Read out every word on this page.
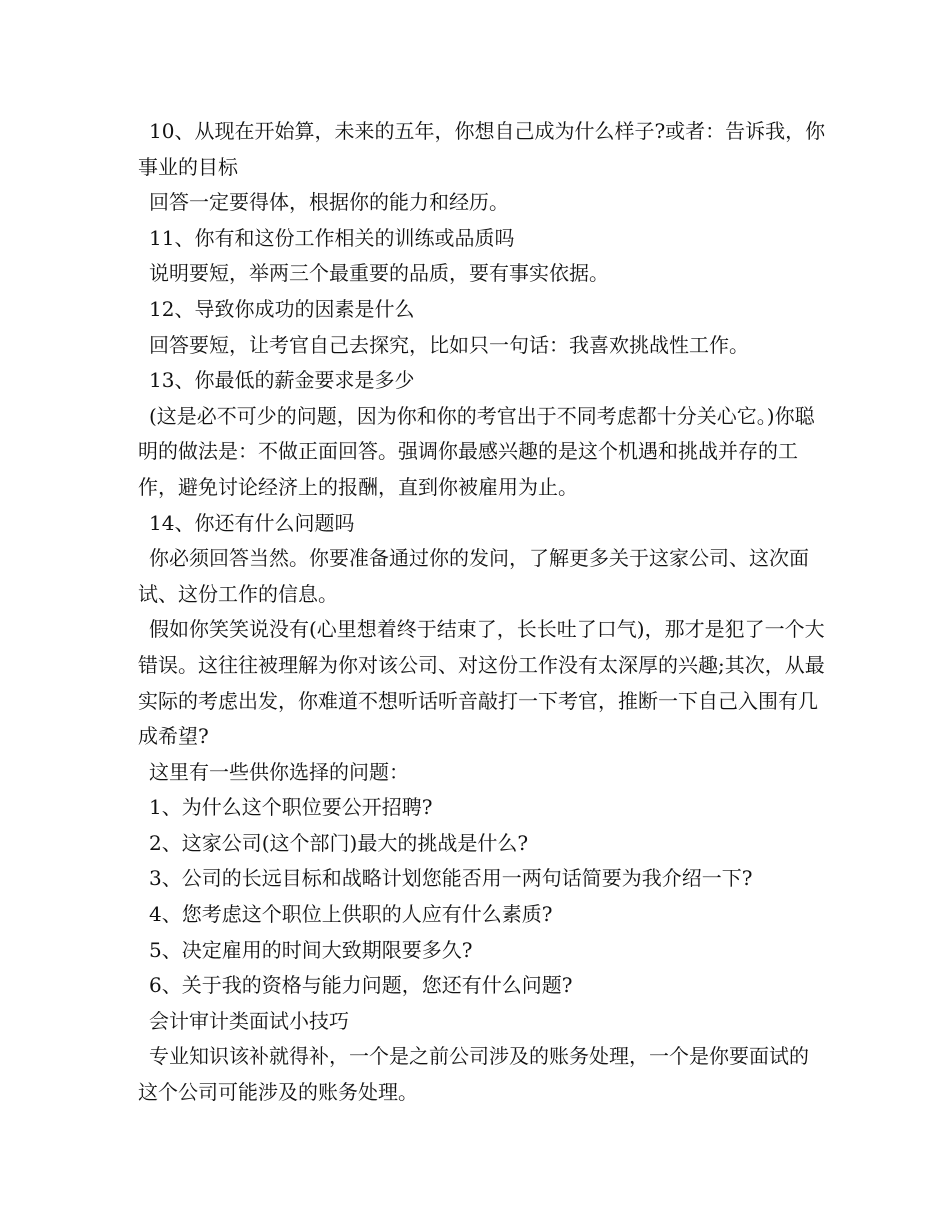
10、从现在开始算，未来的五年，你想自己成为什么样子?或者：告诉我，你事业的目标

回答一定要得体，根据你的能力和经历。

11、你有和这份工作相关的训练或品质吗

说明要短，举两三个最重要的品质，要有事实依据。

12、导致你成功的因素是什么

回答要短，让考官自己去探究，比如只一句话：我喜欢挑战性工作。

13、你最低的薪金要求是多少

(这是必不可少的问题，因为你和你的考官出于不同考虑都十分关心它。)你聪明的做法是：不做正面回答。强调你最感兴趣的是这个机遇和挑战并存的工作，避免讨论经济上的报酬，直到你被雇用为止。

14、你还有什么问题吗

你必须回答当然。你要准备通过你的发问，了解更多关于这家公司、这次面试、这份工作的信息。

假如你笑笑说没有(心里想着终于结束了，长长吐了口气)，那才是犯了一个大错误。这往往被理解为你对该公司、对这份工作没有太深厚的兴趣;其次，从最实际的考虑出发，你难道不想听话听音敲打一下考官，推断一下自己入围有几成希望?

这里有一些供你选择的问题：

1、为什么这个职位要公开招聘?

2、这家公司(这个部门)最大的挑战是什么?

3、公司的长远目标和战略计划您能否用一两句话简要为我介绍一下?

4、您考虑这个职位上供职的人应有什么素质?

5、决定雇用的时间大致期限要多久?

6、关于我的资格与能力问题，您还有什么问题?

会计审计类面试小技巧

专业知识该补就得补，一个是之前公司涉及的账务处理，一个是你要面试的这个公司可能涉及的账务处理。
